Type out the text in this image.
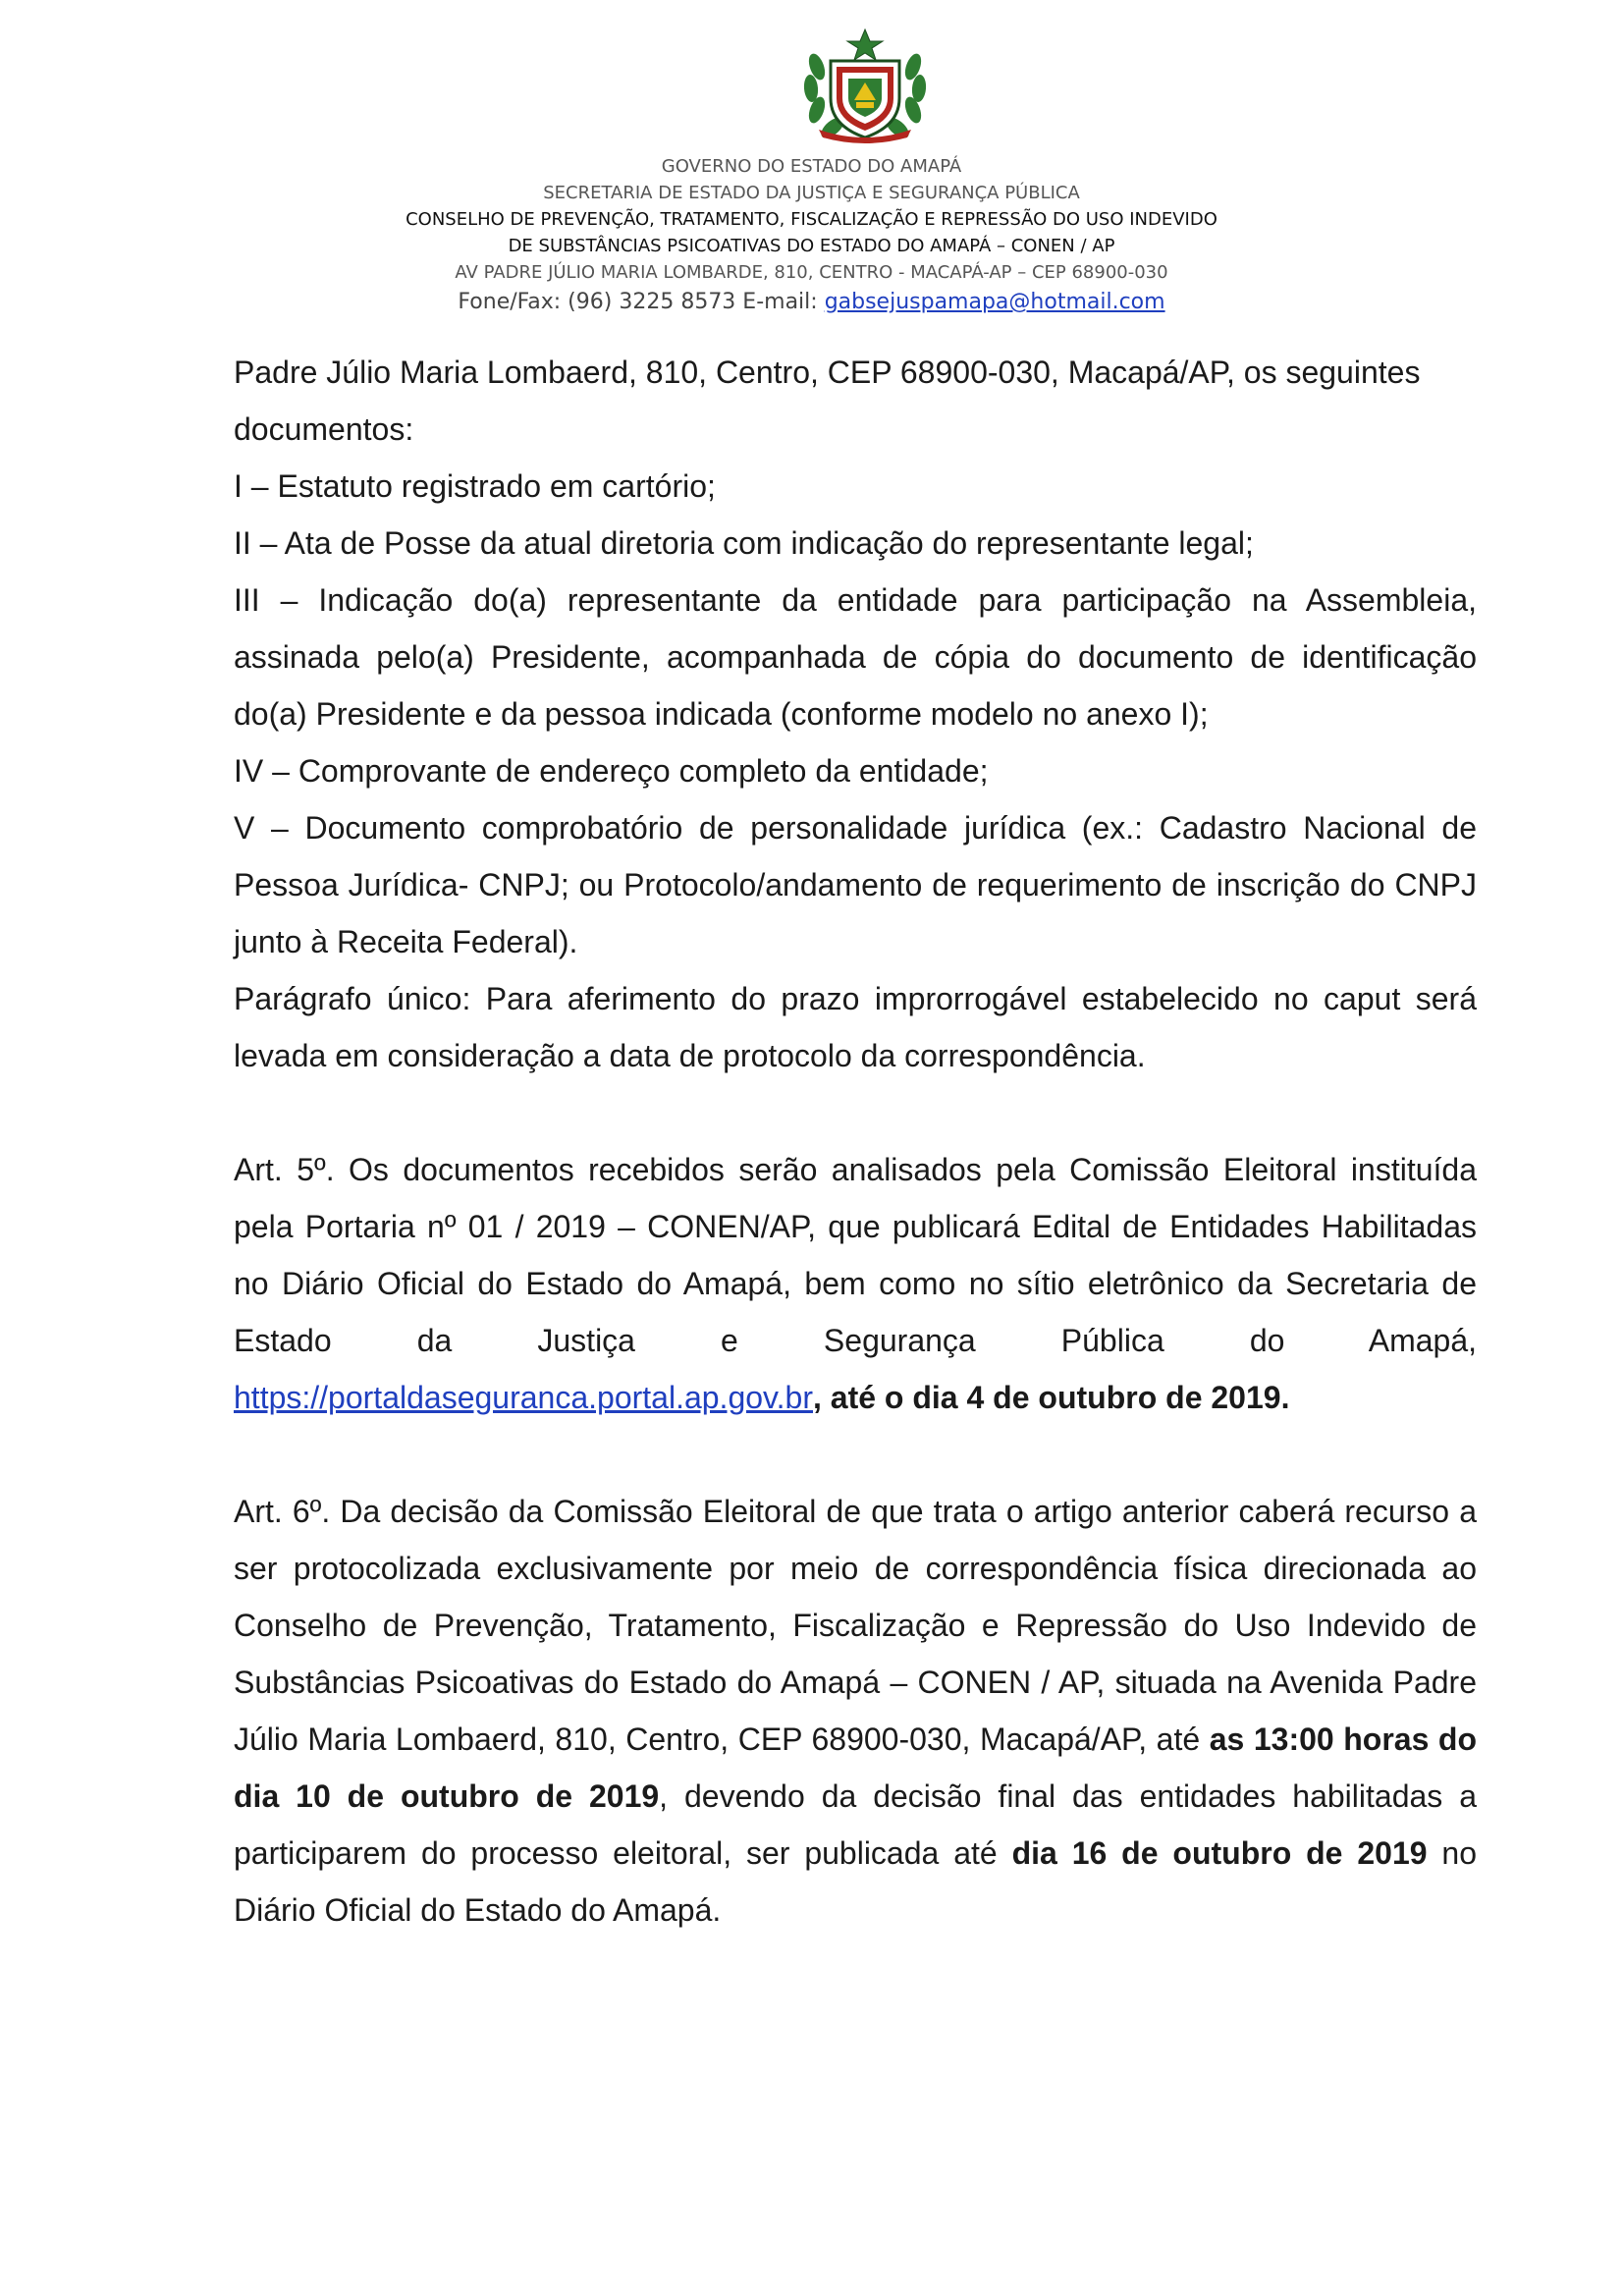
GOVERNO DO ESTADO DO AMAPÁ
SECRETARIA DE ESTADO DA JUSTIÇA E SEGURANÇA PÚBLICA
CONSELHO DE PREVENÇÃO, TRATAMENTO, FISCALIZAÇÃO E REPRESSÃO DO USO INDEVIDO
DE SUBSTÂNCIAS PSICOATIVAS DO ESTADO DO AMAPÁ – CONEN / AP
AV PADRE JÚLIO MARIA LOMBARDE, 810, CENTRO - MACAPÁ-AP – CEP 68900-030
Fone/Fax: (96) 3225 8573 E-mail: gabsejuspamapa@hotmail.com

Padre Júlio Maria Lombaerd, 810, Centro, CEP 68900-030, Macapá/AP, os seguintes documentos:

I – Estatuto registrado em cartório;

II – Ata de Posse da atual diretoria com indicação do representante legal;

III – Indicação do(a) representante da entidade para participação na Assembleia, assinada pelo(a) Presidente, acompanhada de cópia do documento de identificação do(a) Presidente e da pessoa indicada (conforme modelo no anexo I);

IV – Comprovante de endereço completo da entidade;

V – Documento comprobatório de personalidade jurídica (ex.: Cadastro Nacional de Pessoa Jurídica- CNPJ; ou Protocolo/andamento de requerimento de inscrição do CNPJ junto à Receita Federal).

Parágrafo único: Para aferimento do prazo improrrogável estabelecido no caput será levada em consideração a data de protocolo da correspondência.

Art. 5º. Os documentos recebidos serão analisados pela Comissão Eleitoral instituída pela Portaria nº 01 / 2019 – CONEN/AP, que publicará Edital de Entidades Habilitadas no Diário Oficial do Estado do Amapá, bem como no sítio eletrônico da Secretaria de Estado da Justiça e Segurança Pública do Amapá, https://portaldaseguranca.portal.ap.gov.br, até o dia 4 de outubro de 2019.

Art. 6º. Da decisão da Comissão Eleitoral de que trata o artigo anterior caberá recurso a ser protocolizada exclusivamente por meio de correspondência física direcionada ao Conselho de Prevenção, Tratamento, Fiscalização e Repressão do Uso Indevido de Substâncias Psicoativas do Estado do Amapá – CONEN / AP, situada na Avenida Padre Júlio Maria Lombaerd, 810, Centro, CEP 68900-030, Macapá/AP, até as 13:00 horas do dia 10 de outubro de 2019, devendo da decisão final das entidades habilitadas a participarem do processo eleitoral, ser publicada até dia 16 de outubro de 2019 no Diário Oficial do Estado do Amapá.
